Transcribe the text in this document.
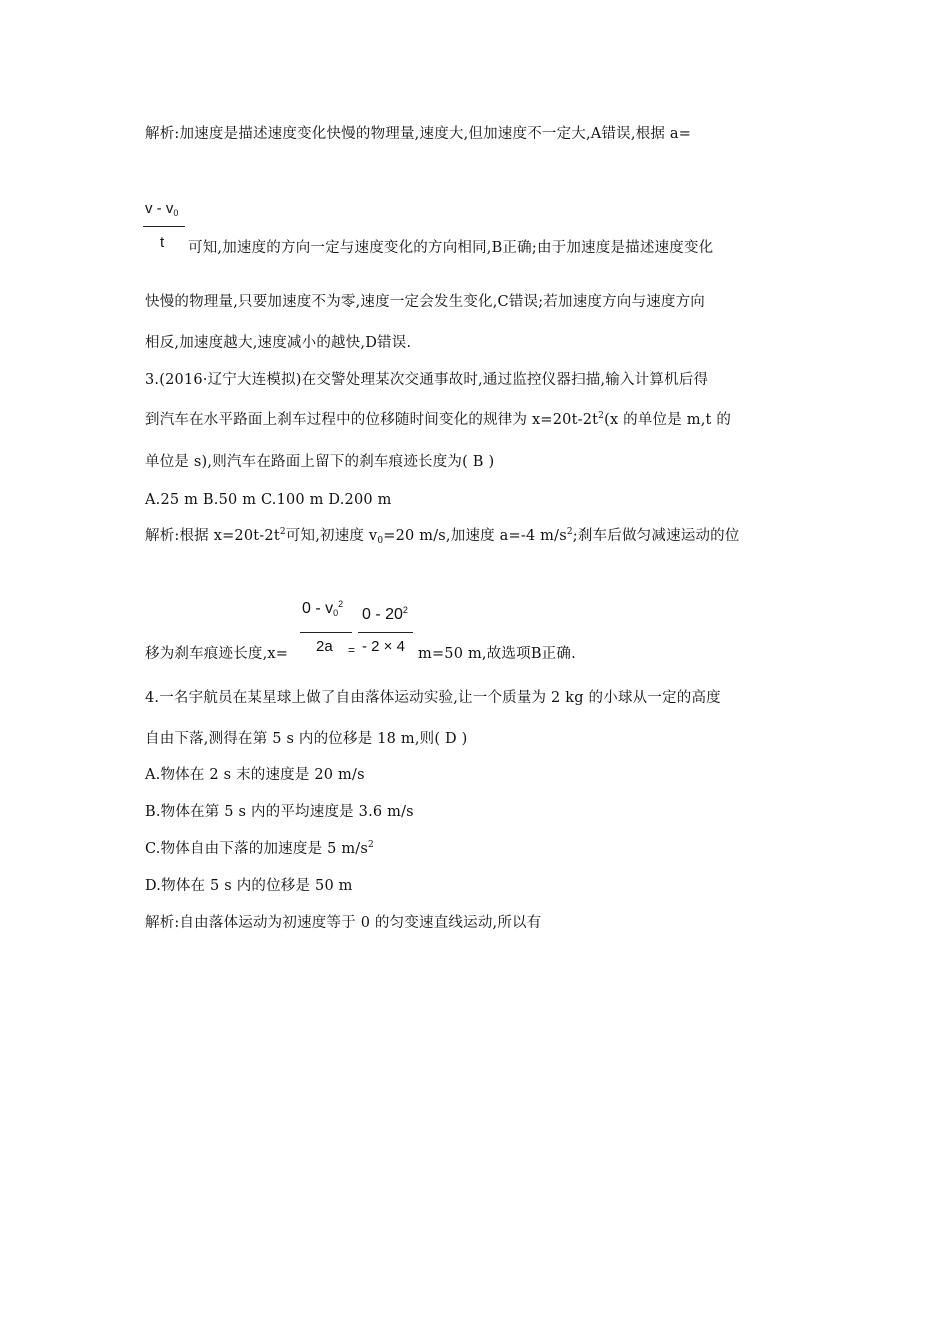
解析:加速度是描述速度变化快慢的物理量,速度大,但加速度不一定大,A错误,根据 a=
v - $v_0$
t 可知,加速度的方向一定与速度变化的方向相同,B正确;由于加速度是描述速度变化
快慢的物理量,只要加速度不为零,速度一定会发生变化,C错误;若加速度方向与速度方向
相反,加速度越大,速度减小的越快,D错误.
3.(2016·辽宁大连模拟)在交警处理某次交通事故时,通过监控仪器扫描,输入计算机后得
到汽车在水平路面上刹车过程中的位移随时间变化的规律为 $x=20t-2t^2(x$ 的单位是 m,t 的
单位是 s),则汽车在路面上留下的刹车痕迹长度为( B )
A.25 m B.50 m C.100 m D.200 m
解析:根据 $x=20t-2t^2$可知,初速度 $v_0=20$ m/s,加速度 a=-4 $m/s^2$;刹车后做匀减速运动的位
$0 - v_0^2$
2a =
$0 - 20^2$
- 2 × 4
移为刹车痕迹长度,x=	m=50 m,故选项B正确.
4.一名宇航员在某星球上做了自由落体运动实验,让一个质量为 2 kg 的小球从一定的高度
自由下落,测得在第 5 s 内的位移是 18 m,则( D )
A.物体在 2 s 末的速度是 20 m/s
B.物体在第 5 s 内的平均速度是 3.6 m/s
C.物体自由下落的加速度是 5 $m/s^2$
D.物体在 5 s 内的位移是 50 m
解析:自由落体运动为初速度等于 0 的匀变速直线运动,所以有
